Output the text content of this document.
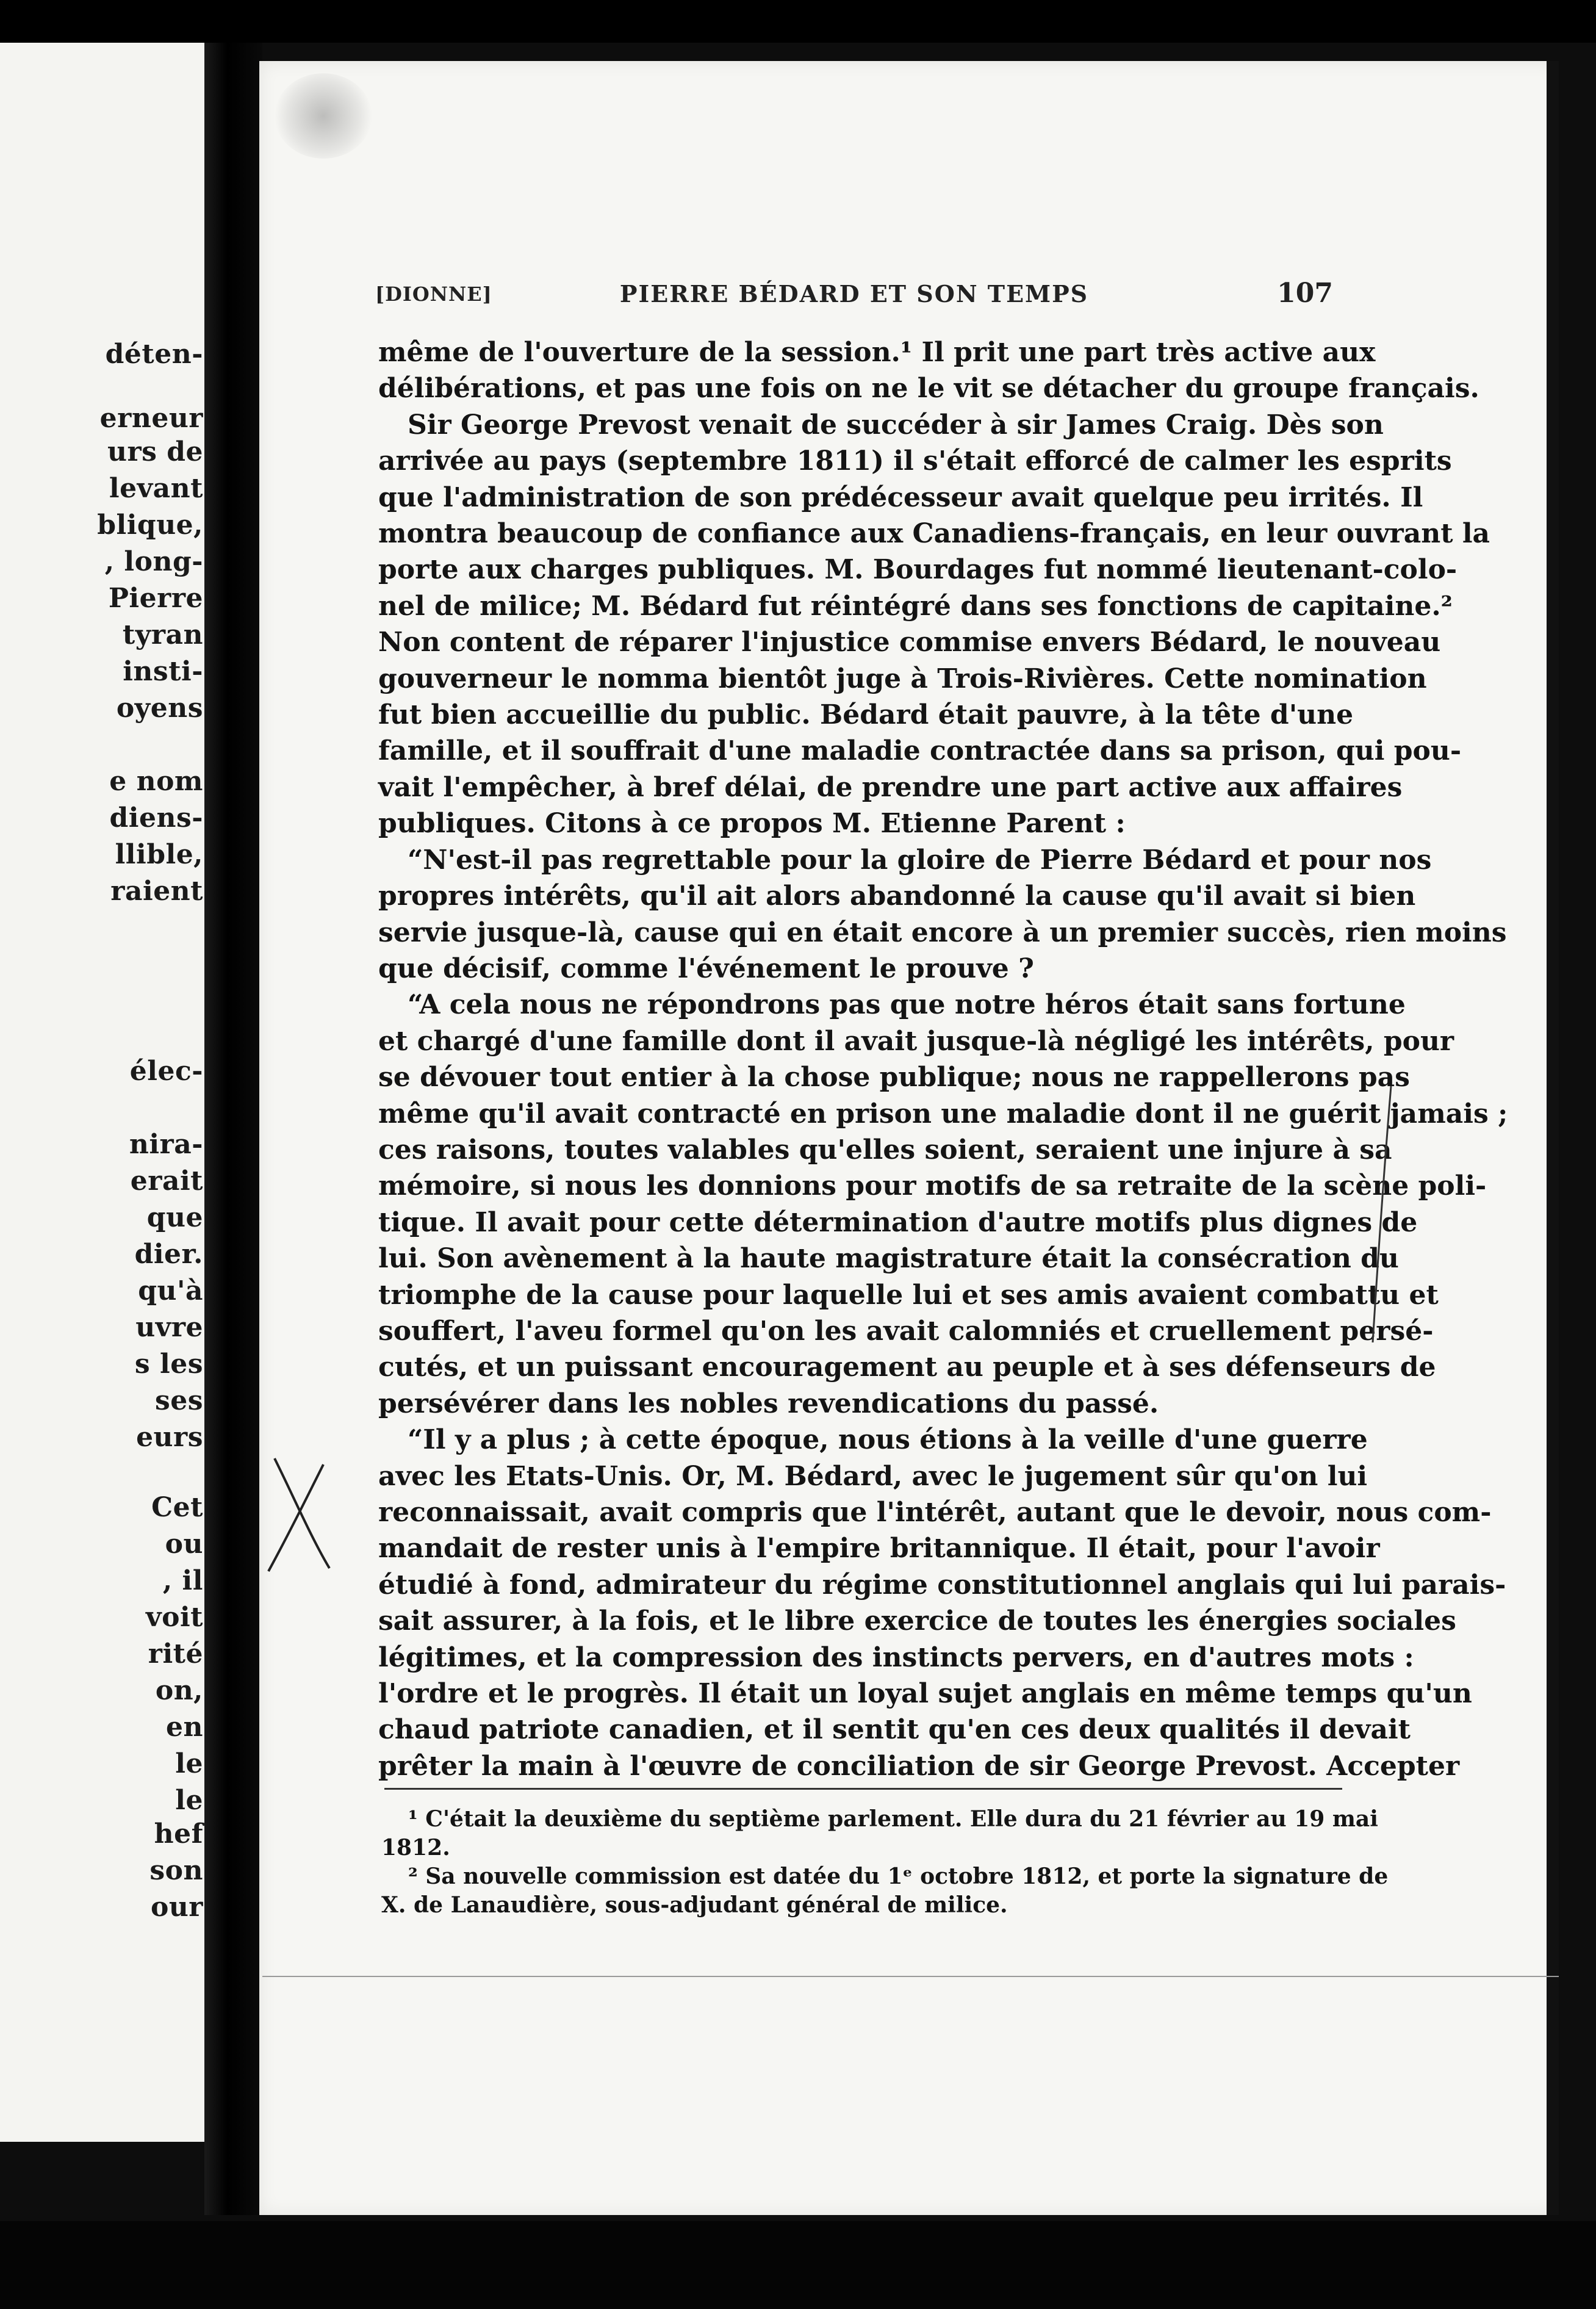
déten-
erneur
urs de
levant
blique,
, long-
Pierre
tyran
insti-
oyens
e nom
diens-
llible,
raient
élec-
nira-
erait
que
dier.
qu'à
uvre
s les
ses
eurs
Cet
ou
, il
voit
rité
on,
en
le
le
hef
son
our
[DIONNE]	PIERRE BÉDARD ET SON TEMPS	107
même de l'ouverture de la session.¹ Il prit une part très active aux
délibérations, et pas une fois on ne le vit se détacher du groupe français.
Sir George Prevost venait de succéder à sir James Craig. Dès son
arrivée au pays (septembre 1811) il s'était efforcé de calmer les esprits
que l'administration de son prédécesseur avait quelque peu irrités. Il
montra beaucoup de confiance aux Canadiens-français, en leur ouvrant la
porte aux charges publiques. M. Bourdages fut nommé lieutenant-colo-
nel de milice; M. Bédard fut réintégré dans ses fonctions de capitaine.²
Non content de réparer l'injustice commise envers Bédard, le nouveau
gouverneur le nomma bientôt juge à Trois-Rivières. Cette nomination
fut bien accueillie du public. Bédard était pauvre, à la tête d'une
famille, et il souffrait d'une maladie contractée dans sa prison, qui pou-
vait l'empêcher, à bref délai, de prendre une part active aux affaires
publiques. Citons à ce propos M. Etienne Parent :
“N'est-il pas regrettable pour la gloire de Pierre Bédard et pour nos
propres intérêts, qu'il ait alors abandonné la cause qu'il avait si bien
servie jusque-là, cause qui en était encore à un premier succès, rien moins
que décisif, comme l'événement le prouve ?
“A cela nous ne répondrons pas que notre héros était sans fortune
et chargé d'une famille dont il avait jusque-là négligé les intérêts, pour
se dévouer tout entier à la chose publique; nous ne rappellerons pas
même qu'il avait contracté en prison une maladie dont il ne guérit jamais ;
ces raisons, toutes valables qu'elles soient, seraient une injure à sa
mémoire, si nous les donnions pour motifs de sa retraite de la scène poli-
tique. Il avait pour cette détermination d'autre motifs plus dignes de
lui. Son avènement à la haute magistrature était la consécration du
triomphe de la cause pour laquelle lui et ses amis avaient combattu et
souffert, l'aveu formel qu'on les avait calomniés et cruellement persé-
cutés, et un puissant encouragement au peuple et à ses défenseurs de
persévérer dans les nobles revendications du passé.
“Il y a plus ; à cette époque, nous étions à la veille d'une guerre
avec les Etats-Unis. Or, M. Bédard, avec le jugement sûr qu'on lui
reconnaissait, avait compris que l'intérêt, autant que le devoir, nous com-
mandait de rester unis à l'empire britannique. Il était, pour l'avoir
étudié à fond, admirateur du régime constitutionnel anglais qui lui parais-
sait assurer, à la fois, et le libre exercice de toutes les énergies sociales
légitimes, et la compression des instincts pervers, en d'autres mots :
l'ordre et le progrès. Il était un loyal sujet anglais en même temps qu'un
chaud patriote canadien, et il sentit qu'en ces deux qualités il devait
prêter la main à l'œuvre de conciliation de sir George Prevost. Accepter
¹ C'était la deuxième du septième parlement. Elle dura du 21 février au 19 mai
1812.
² Sa nouvelle commission est datée du 1ᵉ octobre 1812, et porte la signature de
X. de Lanaudière, sous-adjudant général de milice.
